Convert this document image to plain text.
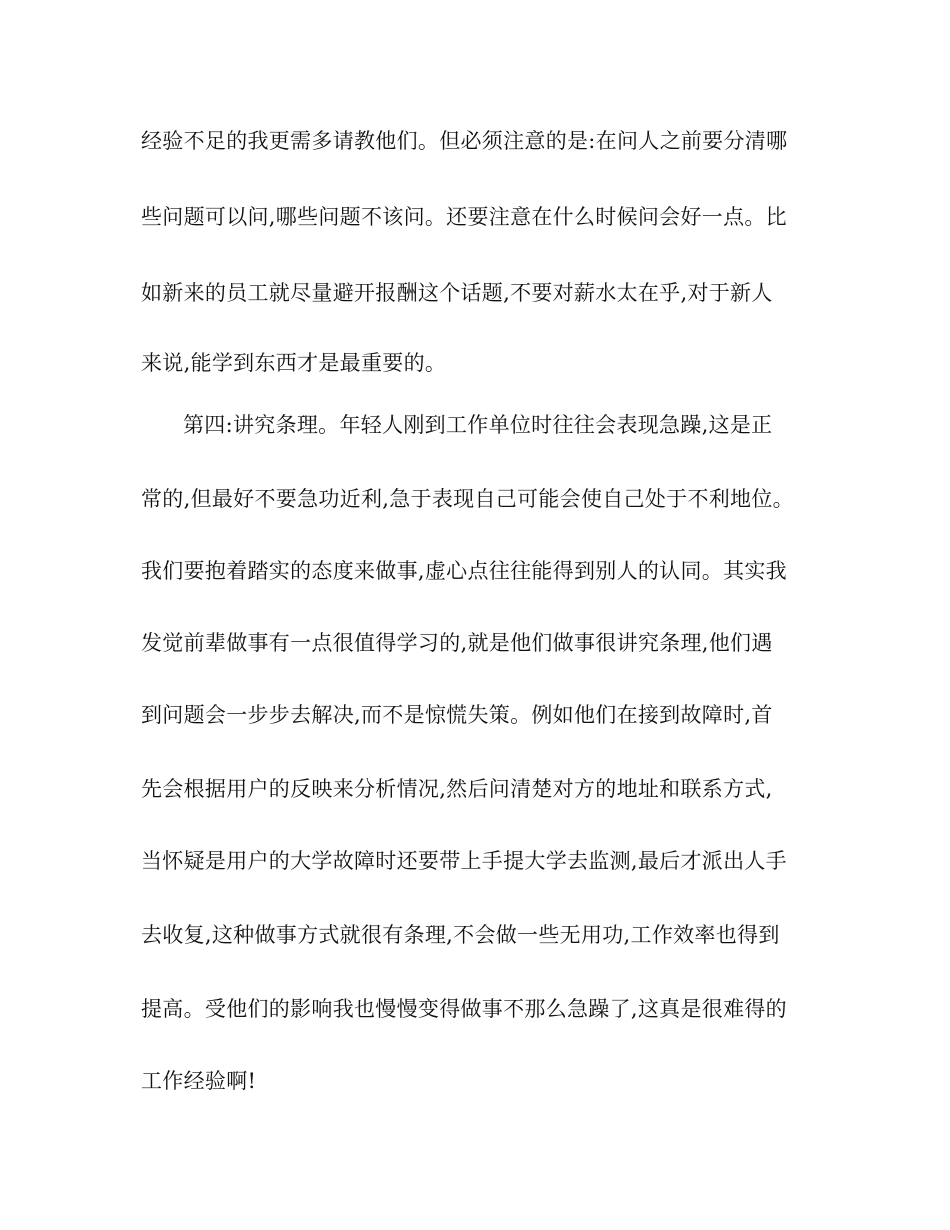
经验不足的我更需多请教他们。但必须注意的是:在问人之前要分清哪
些问题可以问,哪些问题不该问。还要注意在什么时候问会好一点。比
如新来的员工就尽量避开报酬这个话题,不要对薪水太在乎,对于新人
来说,能学到东西才是最重要的。
第四:讲究条理。年轻人刚到工作单位时往往会表现急躁,这是正
常的,但最好不要急功近利,急于表现自己可能会使自己处于不利地位。
我们要抱着踏实的态度来做事,虚心点往往能得到别人的认同。其实我
发觉前辈做事有一点很值得学习的,就是他们做事很讲究条理,他们遇
到问题会一步步去解决,而不是惊慌失策。例如他们在接到故障时,首
先会根据用户的反映来分析情况,然后问清楚对方的地址和联系方式,
当怀疑是用户的大学故障时还要带上手提大学去监测,最后才派出人手
去收复,这种做事方式就很有条理,不会做一些无用功,工作效率也得到
提高。受他们的影响我也慢慢变得做事不那么急躁了,这真是很难得的
工作经验啊!
